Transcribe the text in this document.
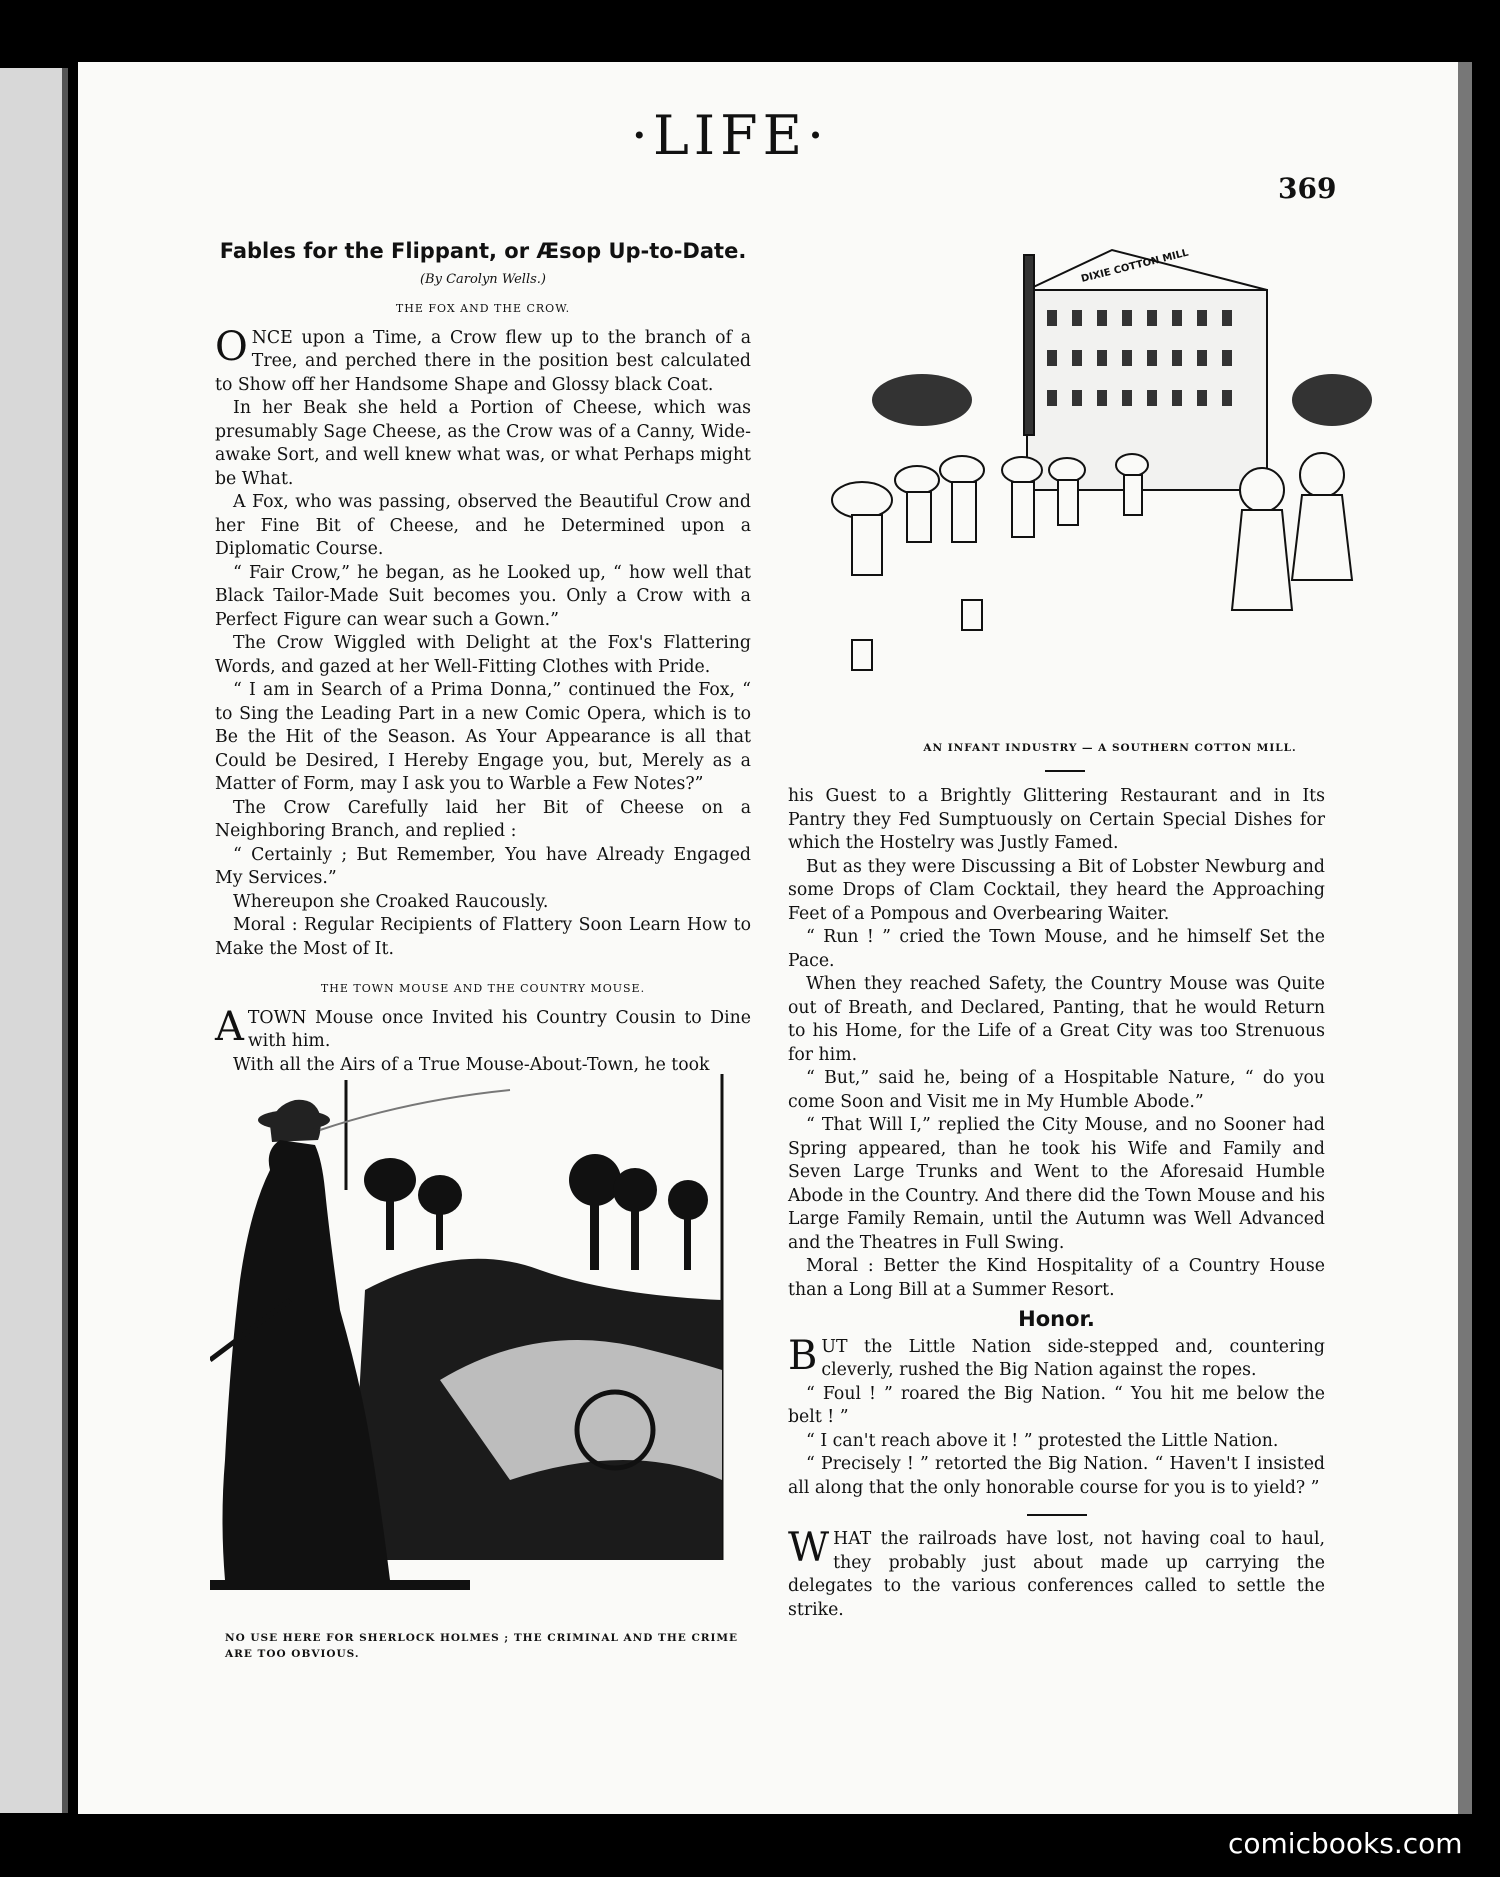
·LIFE·
369
Fables for the Flippant, or Æsop Up-to-Date.
(By Carolyn Wells.)
THE FOX AND THE CROW.

ONCE upon a Time, a Crow flew up to the branch of a Tree, and perched there in the position best calculated to Show off her Handsome Shape and Glossy black Coat.

In her Beak she held a Portion of Cheese, which was presumably Sage Cheese, as the Crow was of a Canny, Wide-awake Sort, and well knew what was, or what Perhaps might be What.

A Fox, who was passing, observed the Beautiful Crow and her Fine Bit of Cheese, and he Determined upon a Diplomatic Course.

“ Fair Crow,” he began, as he Looked up, “ how well that Black Tailor-Made Suit becomes you. Only a Crow with a Perfect Figure can wear such a Gown.”

The Crow Wiggled with Delight at the Fox's Flattering Words, and gazed at her Well-Fitting Clothes with Pride.

“ I am in Search of a Prima Donna,” continued the Fox, “ to Sing the Leading Part in a new Comic Opera, which is to Be the Hit of the Season. As Your Appearance is all that Could be Desired, I Hereby Engage you, but, Merely as a Matter of Form, may I ask you to Warble a Few Notes?”

The Crow Carefully laid her Bit of Cheese on a Neighboring Branch, and replied :

“ Certainly ; But Remember, You have Already Engaged My Services.”

Whereupon she Croaked Raucously.

Moral : Regular Recipients of Flattery Soon Learn How to Make the Most of It.

THE TOWN MOUSE AND THE COUNTRY MOUSE.

ATOWN Mouse once Invited his Country Cousin to Dine with him.

With all the Airs of a True Mouse-About-Town, he took

NO USE HERE FOR SHERLOCK HOLMES ; THE CRIMINAL AND THE CRIME ARE TOO OBVIOUS.
DIXIE COTTON MILL
AN INFANT INDUSTRY — A SOUTHERN COTTON MILL.

his Guest to a Brightly Glittering Restaurant and in Its Pantry they Fed Sumptuously on Certain Special Dishes for which the Hostelry was Justly Famed.

But as they were Discussing a Bit of Lobster Newburg and some Drops of Clam Cocktail, they heard the Approaching Feet of a Pompous and Overbearing Waiter.

“ Run ! ” cried the Town Mouse, and he himself Set the Pace.

When they reached Safety, the Country Mouse was Quite out of Breath, and Declared, Panting, that he would Return to his Home, for the Life of a Great City was too Strenuous for him.

“ But,” said he, being of a Hospitable Nature, “ do you come Soon and Visit me in My Humble Abode.”

“ That Will I,” replied the City Mouse, and no Sooner had Spring appeared, than he took his Wife and Family and Seven Large Trunks and Went to the Aforesaid Humble Abode in the Country. And there did the Town Mouse and his Large Family Remain, until the Autumn was Well Advanced and the Theatres in Full Swing.

Moral : Better the Kind Hospitality of a Country House than a Long Bill at a Summer Resort.

Honor.

BUT the Little Nation side-stepped and, countering cleverly, rushed the Big Nation against the ropes.

“ Foul ! ” roared the Big Nation. “ You hit me below the belt ! ”

“ I can't reach above it ! ” protested the Little Nation.

“ Precisely ! ” retorted the Big Nation. “ Haven't I insisted all along that the only honorable course for you is to yield? ”

WHAT the railroads have lost, not having coal to haul, they probably just about made up carrying the delegates to the various conferences called to settle the strike.

comicbooks.com
